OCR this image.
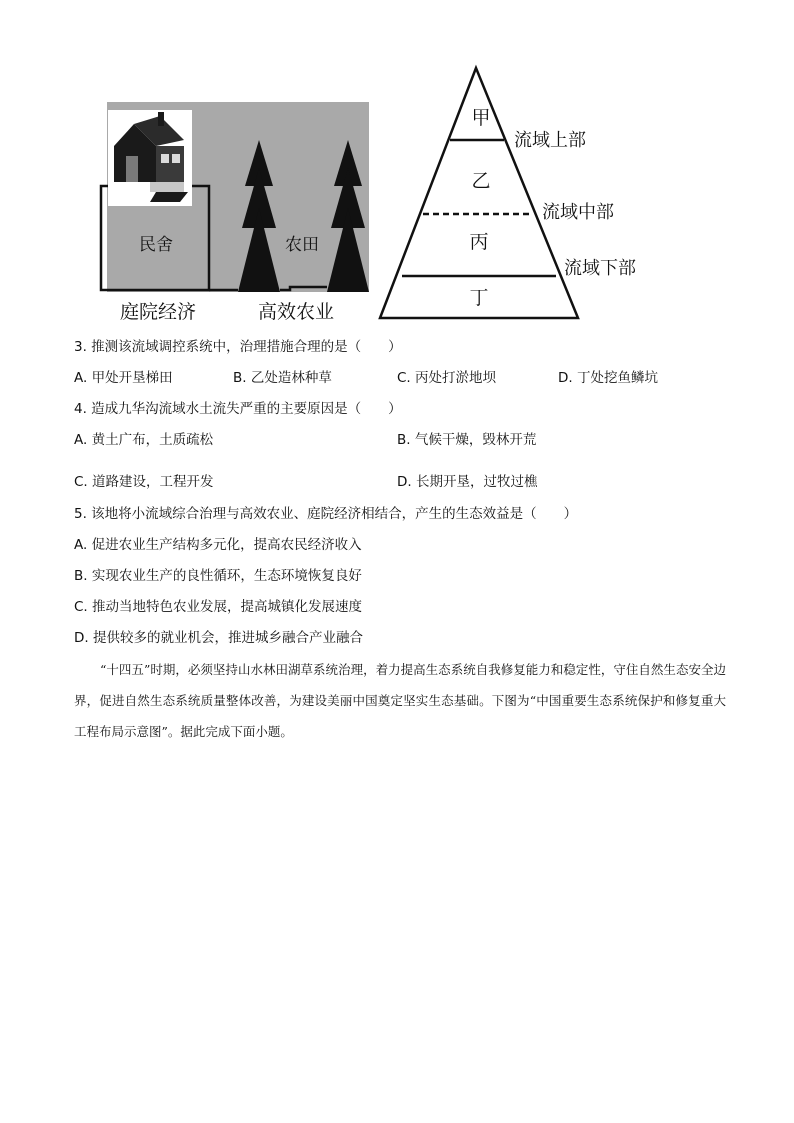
民舍	农田
庭院经济	高效农业
甲
乙
丙
丁
流域上部
流域中部
流域下部
3. 推测该流域调控系统中，治理措施合理的是（　　）
A. 甲处开垦梯田	B. 乙处造林种草	C. 丙处打淤地坝	D. 丁处挖鱼鳞坑
4. 造成九华沟流域水土流失严重的主要原因是（　　）
A. 黄土广布，土质疏松	B. 气候干燥，毁林开荒
C. 道路建设，工程开发	D. 长期开垦，过牧过樵
5. 该地将小流域综合治理与高效农业、庭院经济相结合，产生的生态效益是（　　）
A. 促进农业生产结构多元化，提高农民经济收入
B. 实现农业生产的良性循环，生态环境恢复良好
C. 推动当地特色农业发展，提高城镇化发展速度
D. 提供较多的就业机会，推进城乡融合产业融合
“十四五”时期，必须坚持山水林田湖草系统治理，着力提高生态系统自我修复能力和稳定性，守住自然生态安全边界，促进自然生态系统质量整体改善，为建设美丽中国奠定坚实生态基础。下图为“中国重要生态系统保护和修复重大工程布局示意图”。据此完成下面小题。
